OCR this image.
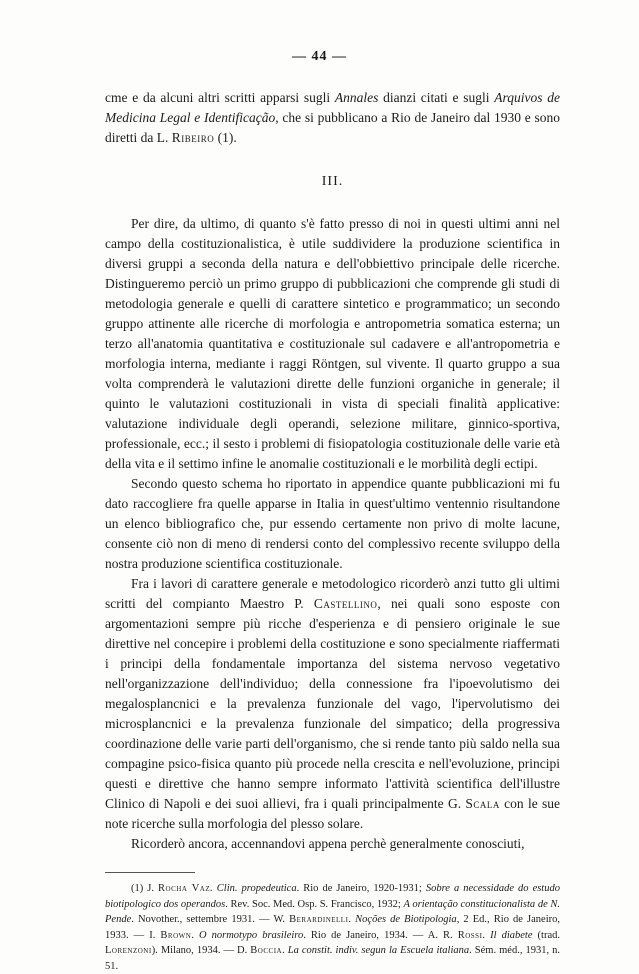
— 44 —

cme e da alcuni altri scritti apparsi sugli Annales dianzi citati e sugli Arquivos de Medicina Legal e Identificação, che si pubblicano a Rio de Janeiro dal 1930 e sono diretti da L. Ribeiro (1).

III.

Per dire, da ultimo, di quanto s'è fatto presso di noi in questi ultimi anni nel campo della costituzionalistica, è utile suddividere la produzione scientifica in diversi gruppi a seconda della natura e dell'obbiettivo principale delle ricerche. Distingueremo perciò un primo gruppo di pubblicazioni che comprende gli studi di metodologia generale e quelli di carattere sintetico e programmatico; un secondo gruppo attinente alle ricerche di morfologia e antropometria somatica esterna; un terzo all'anatomia quantitativa e costituzionale sul cadavere e all'antropometria e morfologia interna, mediante i raggi Röntgen, sul vivente. Il quarto gruppo a sua volta comprenderà le valutazioni dirette delle funzioni organiche in generale; il quinto le valutazioni costituzionali in vista di speciali finalità applicative: valutazione individuale degli operandi, selezione militare, ginnico-sportiva, professionale, ecc.; il sesto i problemi di fisiopatologia costituzionale delle varie età della vita e il settimo infine le anomalie costituzionali e le morbilità degli ectipi.

Secondo questo schema ho riportato in appendice quante pubblicazioni mi fu dato raccogliere fra quelle apparse in Italia in quest'ultimo ventennio risultandone un elenco bibliografico che, pur essendo certamente non privo di molte lacune, consente ciò non di meno di rendersi conto del complessivo recente sviluppo della nostra produzione scientifica costituzionale.

Fra i lavori di carattere generale e metodologico ricorderò anzi tutto gli ultimi scritti del compianto Maestro P. Castellino, nei quali sono esposte con argomentazioni sempre più ricche d'esperienza e di pensiero originale le sue direttive nel concepire i problemi della costituzione e sono specialmente riaffermati i principi della fondamentale importanza del sistema nervoso vegetativo nell'organizzazione dell'individuo; della connessione fra l'ipoevolutismo dei megalosplancnici e la prevalenza funzionale del vago, l'ipervolutismo dei microsplancnici e la prevalenza funzionale del simpatico; della progressiva coordinazione delle varie parti dell'organismo, che si rende tanto più saldo nella sua compagine psico-fisica quanto più procede nella crescita e nell'evoluzione, principi questi e direttive che hanno sempre informato l'attività scientifica dell'illustre Clinico di Napoli e dei suoi allievi, fra i quali principalmente G. Scala con le sue note ricerche sulla morfologia del plesso solare.

Ricorderò ancora, accennandovi appena perchè generalmente conosciuti,

(1) J. Rocha Vaz. Clin. propedeutica. Rio de Janeiro, 1920-1931; Sobre a necessidade do estudo biotipologico dos operandos. Rev. Soc. Med. Osp. S. Francisco, 1932; A orientação constitucionalista de N. Pende. Novother., settembre 1931. — W. Berardinelli. Noções de Biotipologia, 2 Ed., Rio de Janeiro, 1933. — I. Brown. O normotypo brasileiro. Rio de Janeiro, 1934. — A. R. Rossi. Il diabete (trad. Lorenzoni). Milano, 1934. — D. Boccia. La constit. indiv. segun la Escuela italiana. Sém. méd., 1931, n. 51.
